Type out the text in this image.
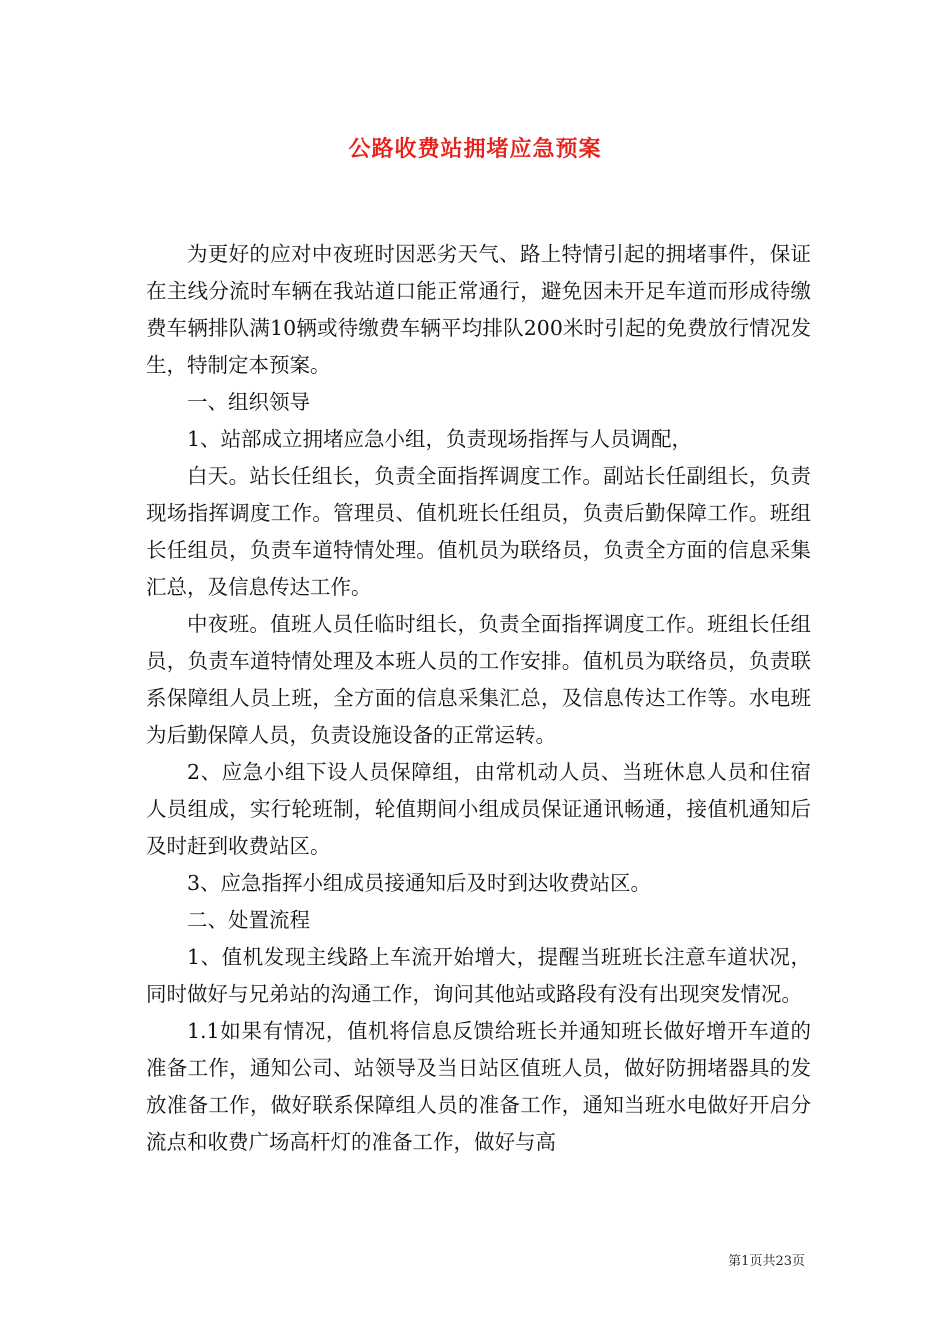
公路收费站拥堵应急预案

为更好的应对中夜班时因恶劣天气、路上特情引起的拥堵事件，保证在主线分流时车辆在我站道口能正常通行，避免因未开足车道而形成待缴费车辆排队满10辆或待缴费车辆平均排队200米时引起的免费放行情况发生，特制定本预案。

一、组织领导

1、站部成立拥堵应急小组，负责现场指挥与人员调配，

白天。站长任组长，负责全面指挥调度工作。副站长任副组长，负责现场指挥调度工作。管理员、值机班长任组员，负责后勤保障工作。班组长任组员，负责车道特情处理。值机员为联络员，负责全方面的信息采集汇总，及信息传达工作。

中夜班。值班人员任临时组长，负责全面指挥调度工作。班组长任组员，负责车道特情处理及本班人员的工作安排。值机员为联络员，负责联系保障组人员上班，全方面的信息采集汇总，及信息传达工作等。水电班为后勤保障人员，负责设施设备的正常运转。

2、应急小组下设人员保障组，由常机动人员、当班休息人员和住宿人员组成，实行轮班制，轮值期间小组成员保证通讯畅通，接值机通知后及时赶到收费站区。

3、应急指挥小组成员接通知后及时到达收费站区。

二、处置流程

1、值机发现主线路上车流开始增大，提醒当班班长注意车道状况，同时做好与兄弟站的沟通工作，询问其他站或路段有没有出现突发情况。

1.1如果有情况，值机将信息反馈给班长并通知班长做好增开车道的准备工作，通知公司、站领导及当日站区值班人员，做好防拥堵器具的发放准备工作，做好联系保障组人员的准备工作，通知当班水电做好开启分流点和收费广场高杆灯的准备工作，做好与高

第1页共23页
